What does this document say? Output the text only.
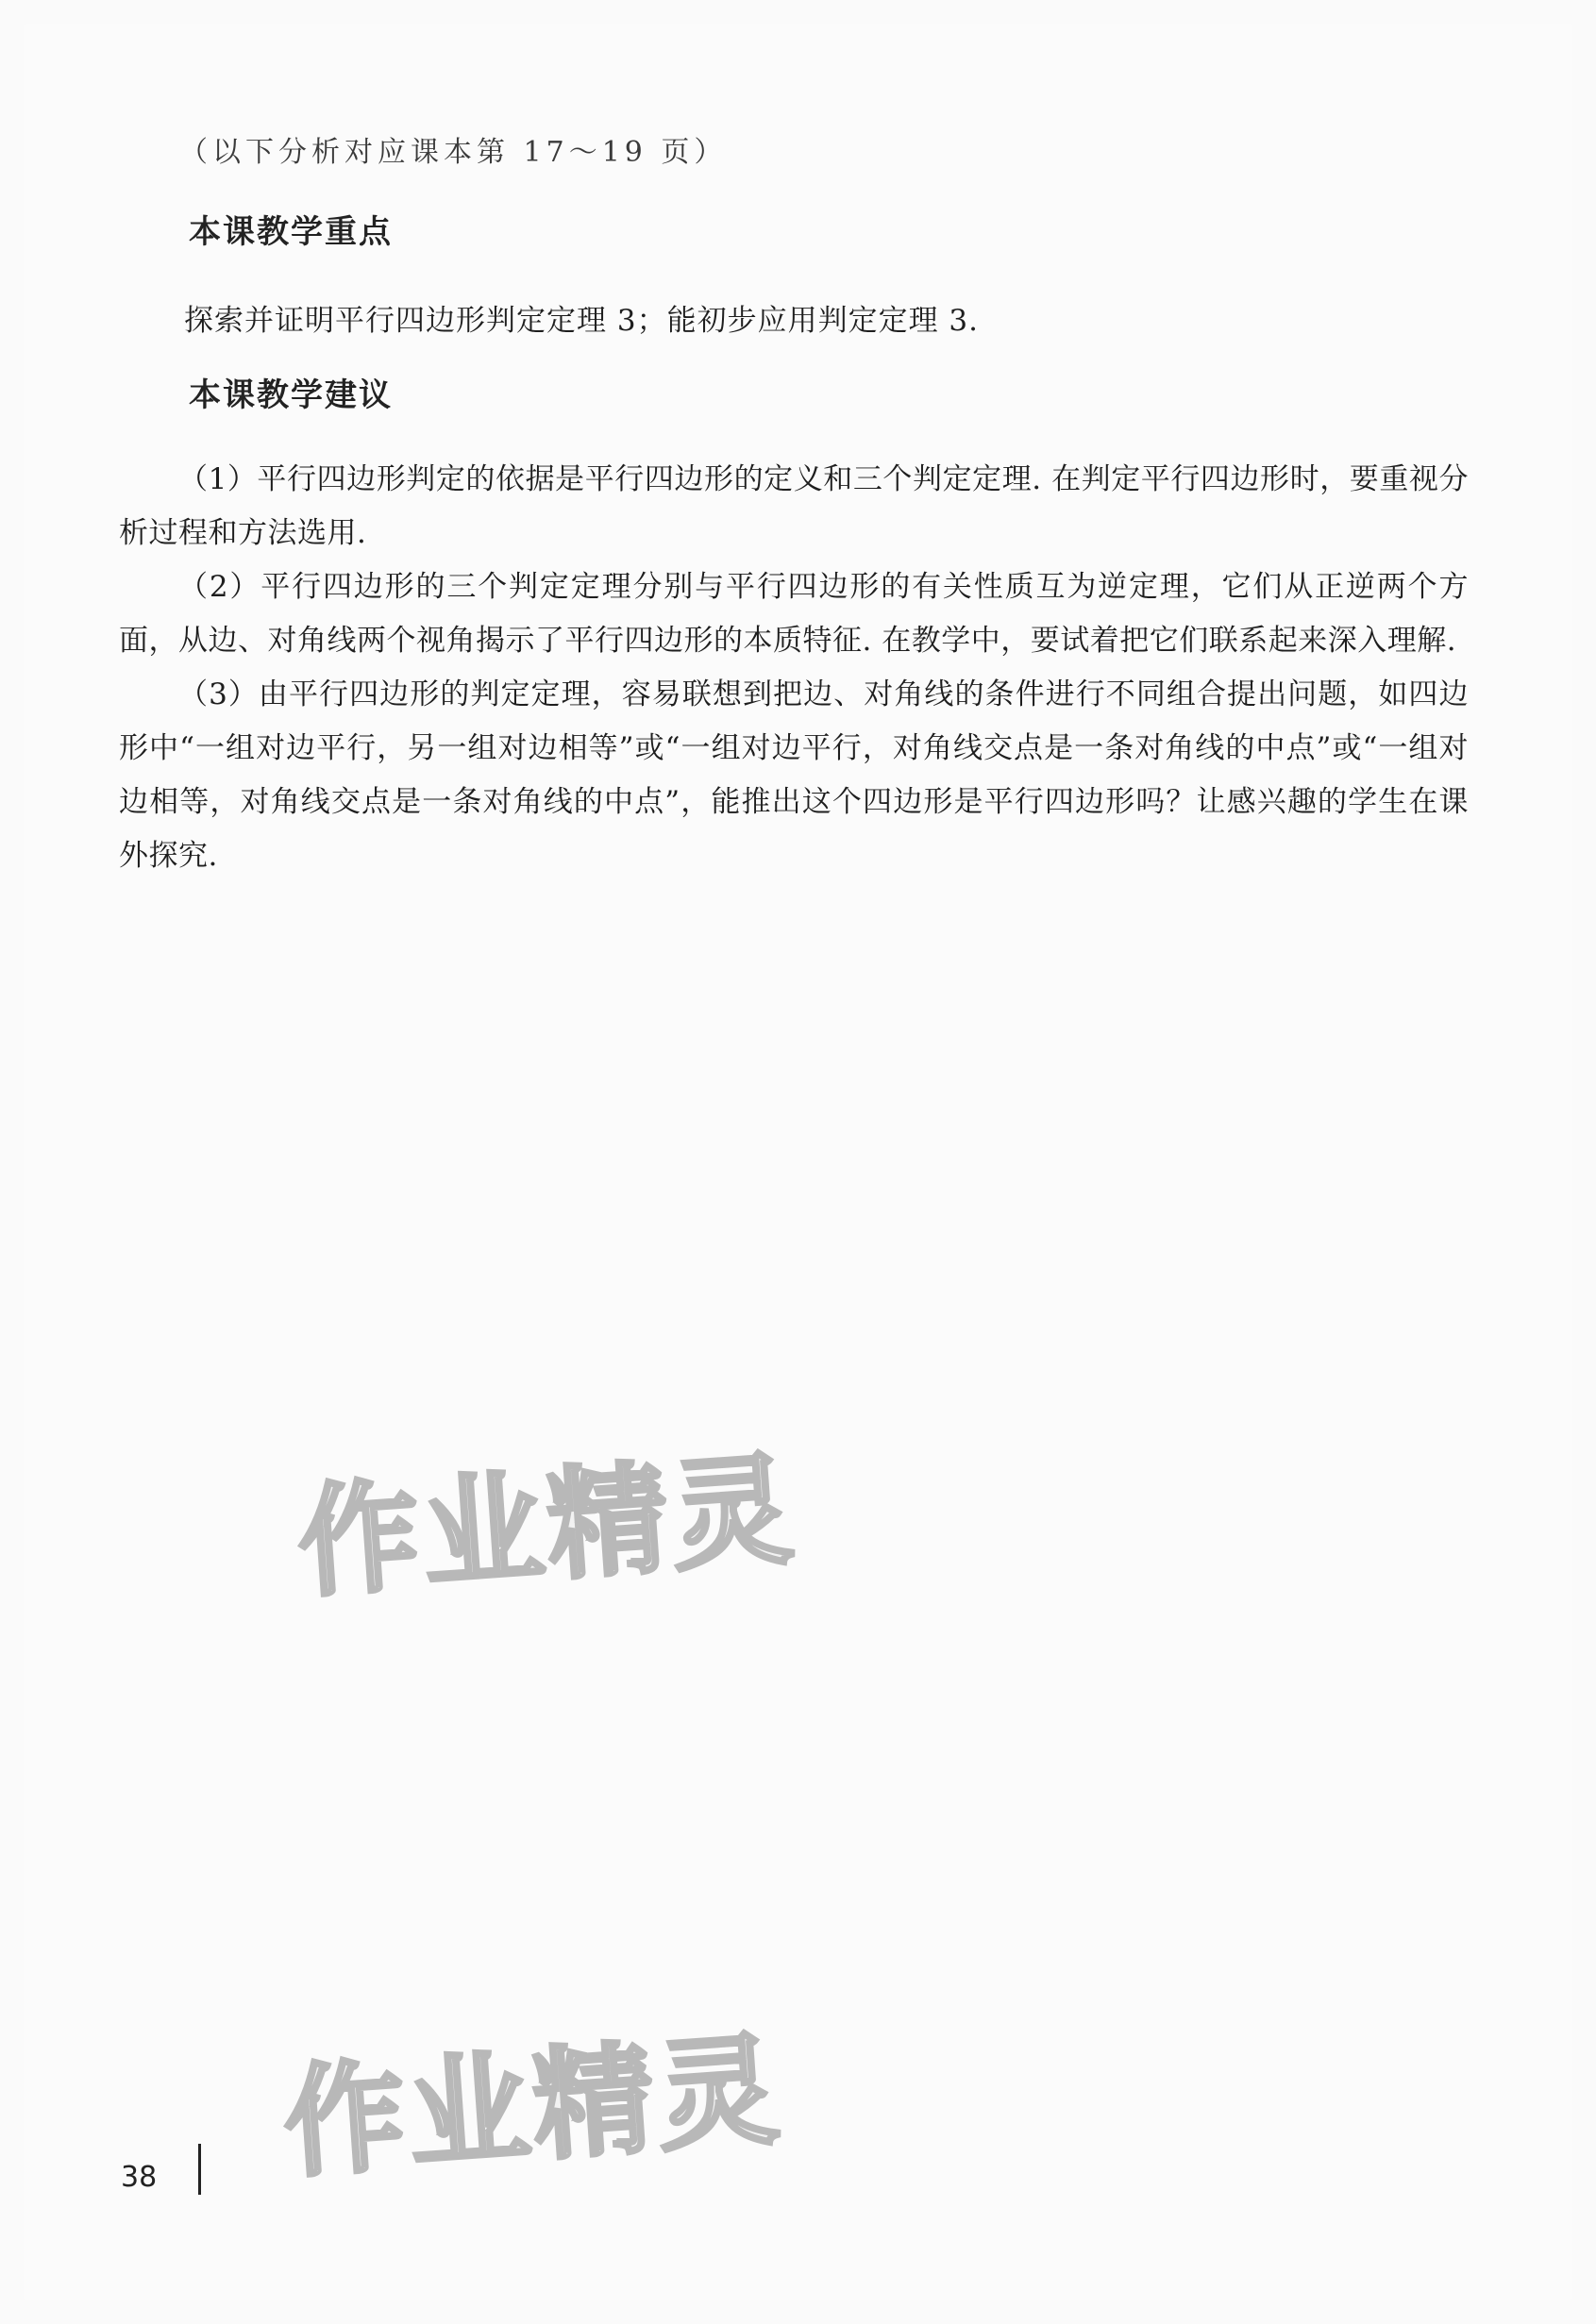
（以下分析对应课本第 17～19 页）
本课教学重点
探索并证明平行四边形判定定理 3；能初步应用判定定理 3.
本课教学建议

（1）平行四边形判定的依据是平行四边形的定义和三个判定定理. 在判定平行四边形时，要重视分析过程和方法选用.

（2）平行四边形的三个判定定理分别与平行四边形的有关性质互为逆定理，它们从正逆两个方面，从边、对角线两个视角揭示了平行四边形的本质特征. 在教学中，要试着把它们联系起来深入理解.

（3）由平行四边形的判定定理，容易联想到把边、对角线的条件进行不同组合提出问题，如四边形中“一组对边平行，另一组对边相等”或“一组对边平行，对角线交点是一条对角线的中点”或“一组对边相等，对角线交点是一条对角线的中点”，能推出这个四边形是平行四边形吗？让感兴趣的学生在课外探究.

作业精灵
作业精灵
38
